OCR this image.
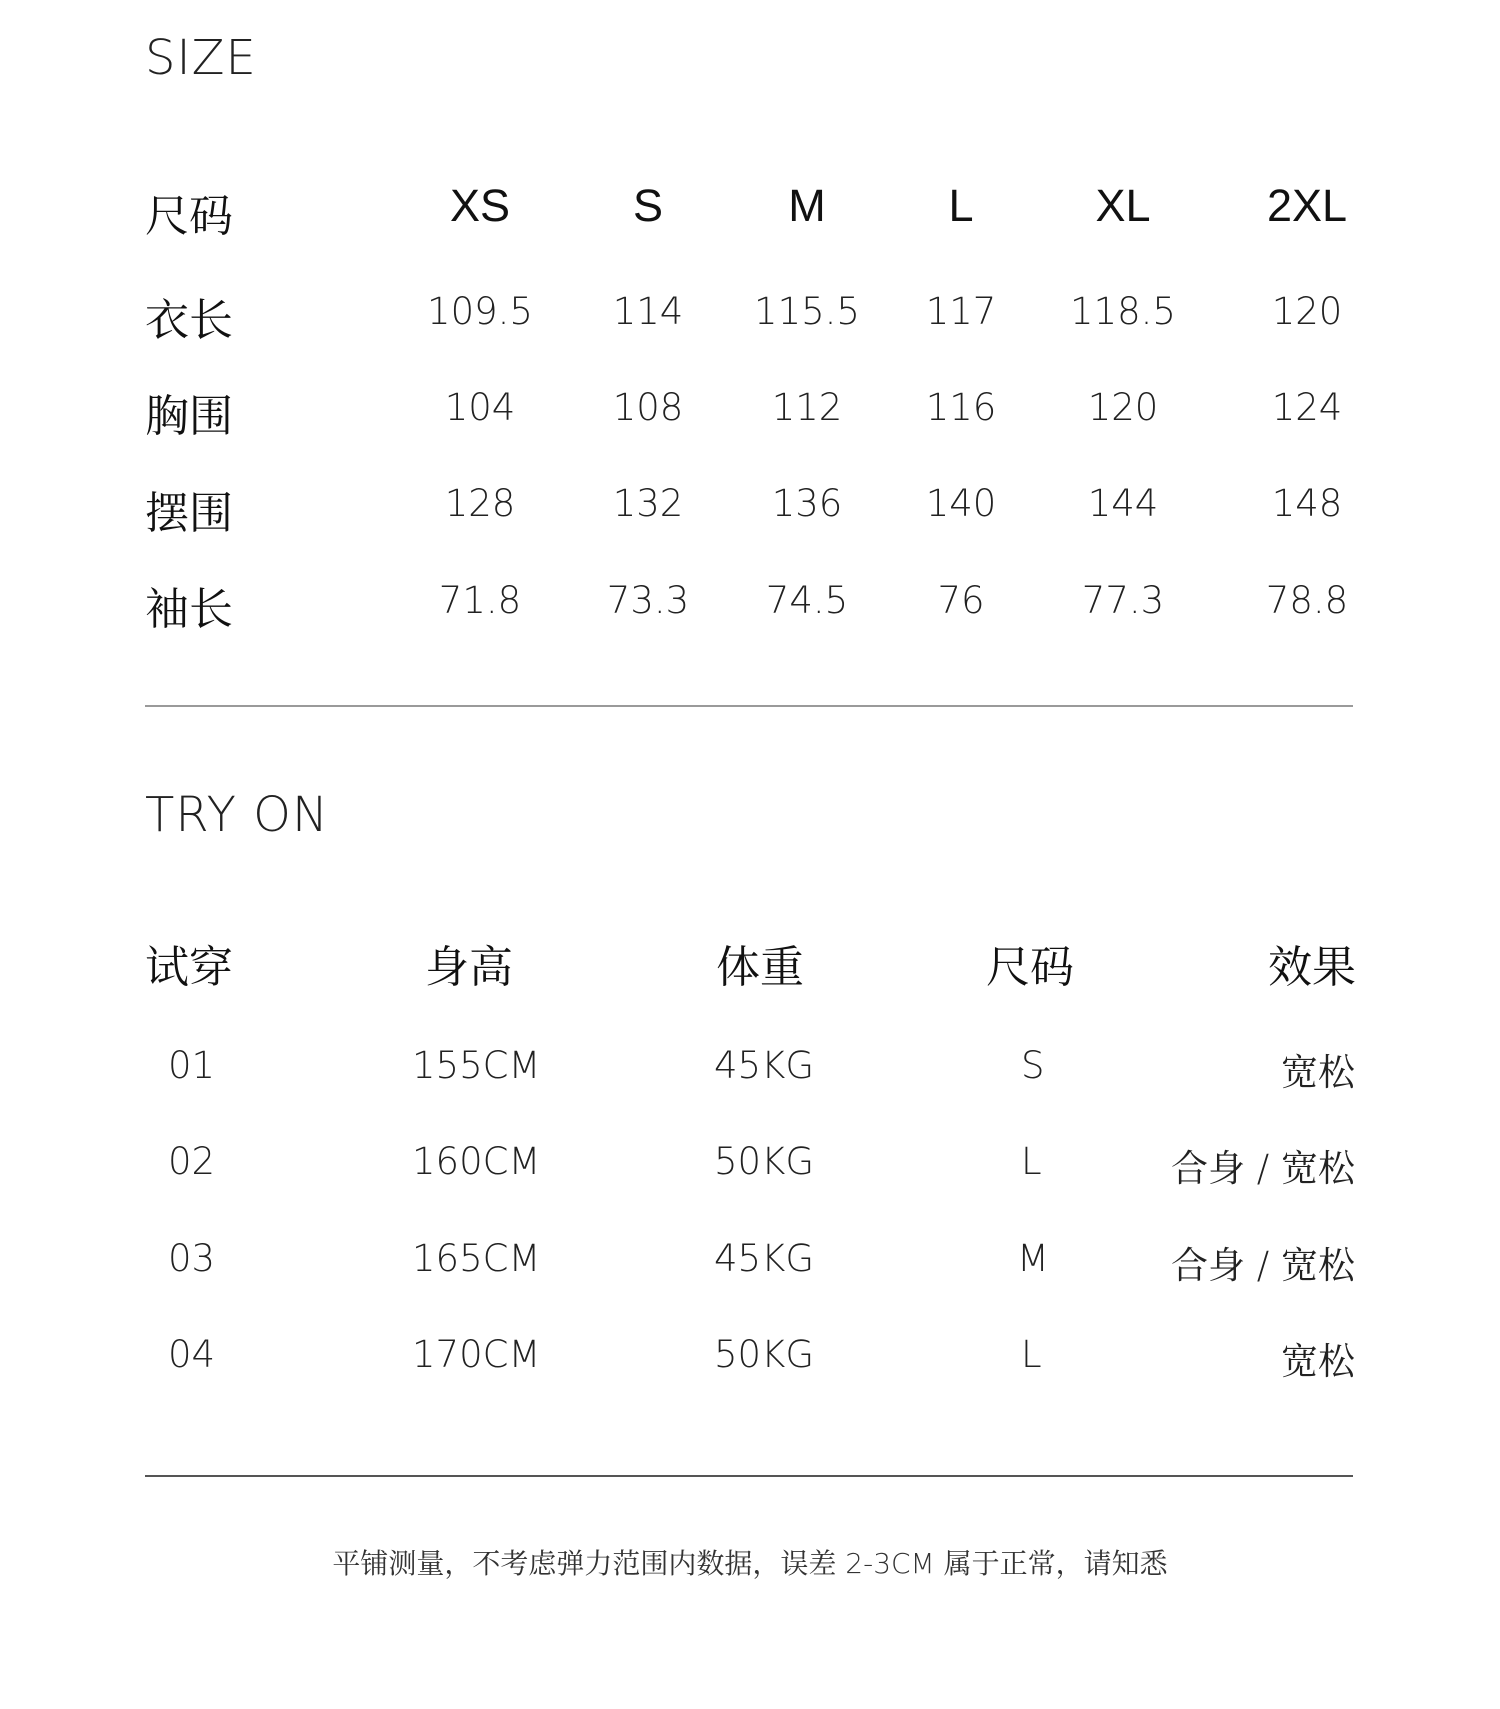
SIZE
尺码	XS	S	M	L	XL	2XL
衣长	109.5	114	115.5	117	118.5	120
胸围	104	108	112	116	120	124
摆围	128	132	136	140	144	148
袖长	71.8	73.3	74.5	76	77.3	78.8
TRY ON
试穿	身高	体重	尺码	效果
01	155CM	45KG	S	宽松
02	160CM	50KG	L	合身 / 宽松
03	165CM	45KG	M	合身 / 宽松
04	170CM	50KG	L	宽松
平铺测量，不考虑弹力范围内数据，误差 2-3CM 属于正常，请知悉
